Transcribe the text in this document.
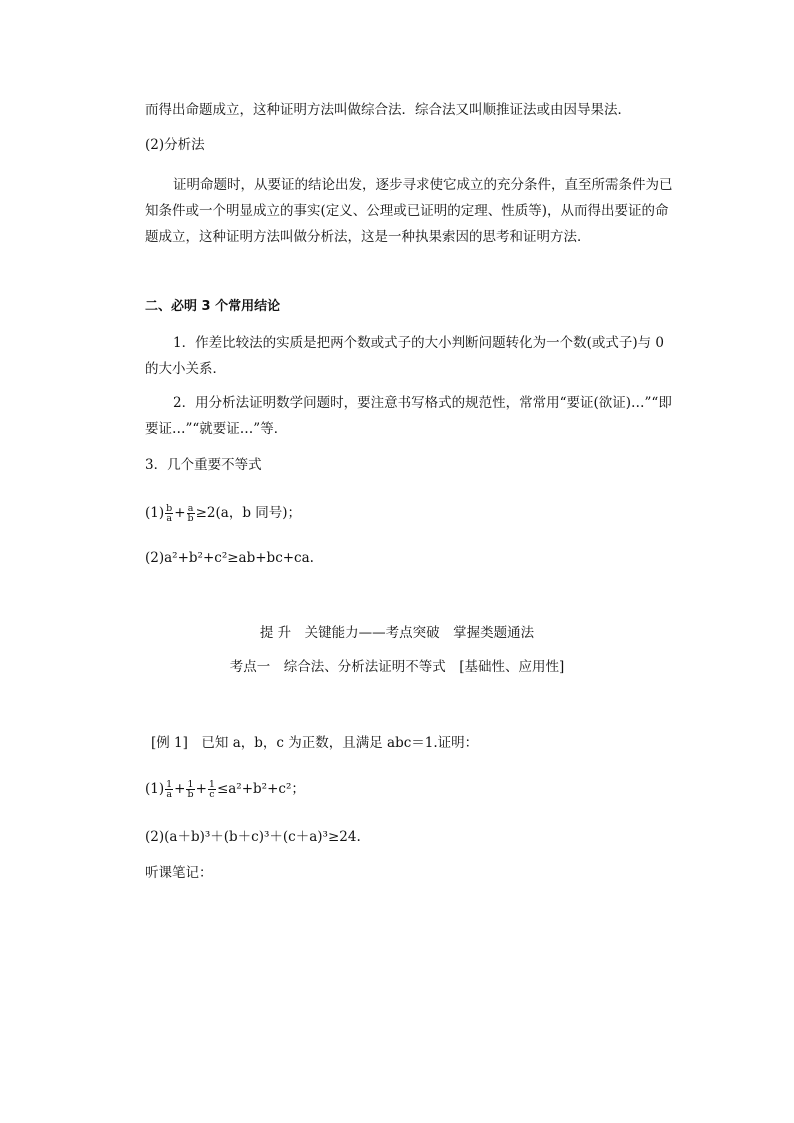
而得出命题成立，这种证明方法叫做综合法．综合法又叫顺推证法或由因导果法．

(2)分析法

证明命题时，从要证的结论出发，逐步寻求使它成立的充分条件，直至所需条件为已知条件或一个明显成立的事实(定义、公理或已证明的定理、性质等)，从而得出要证的命题成立，这种证明方法叫做分析法，这是一种执果索因的思考和证明方法．

二、必明 3 个常用结论

1．作差比较法的实质是把两个数或式子的大小判断问题转化为一个数(或式子)与 0 的大小关系．

2．用分析法证明数学问题时，要注意书写格式的规范性，常常用“要证(欲证)…”“即要证…”“就要证…”等．

3．几个重要不等式

$(1) \frac{b}{a} + \frac{a}{b} \ge 2(a$，b 同号)；

(2)a²+b²+c²≥ab+bc+ca.

提 升　关键能力——考点突破　掌握类题通法

考点一　综合法、分析法证明不等式　[基础性、应用性]

[例 1]　 已知 a，b，c 为正数，且满足 abc＝1.证明：

$(1) \frac{1}{a} + \frac{1}{b} + \frac{1}{c} \le a^2+b^2+c^2$；

(2)(a＋b)³＋(b＋c)³＋(c＋a)³≥24.

听课笔记：
